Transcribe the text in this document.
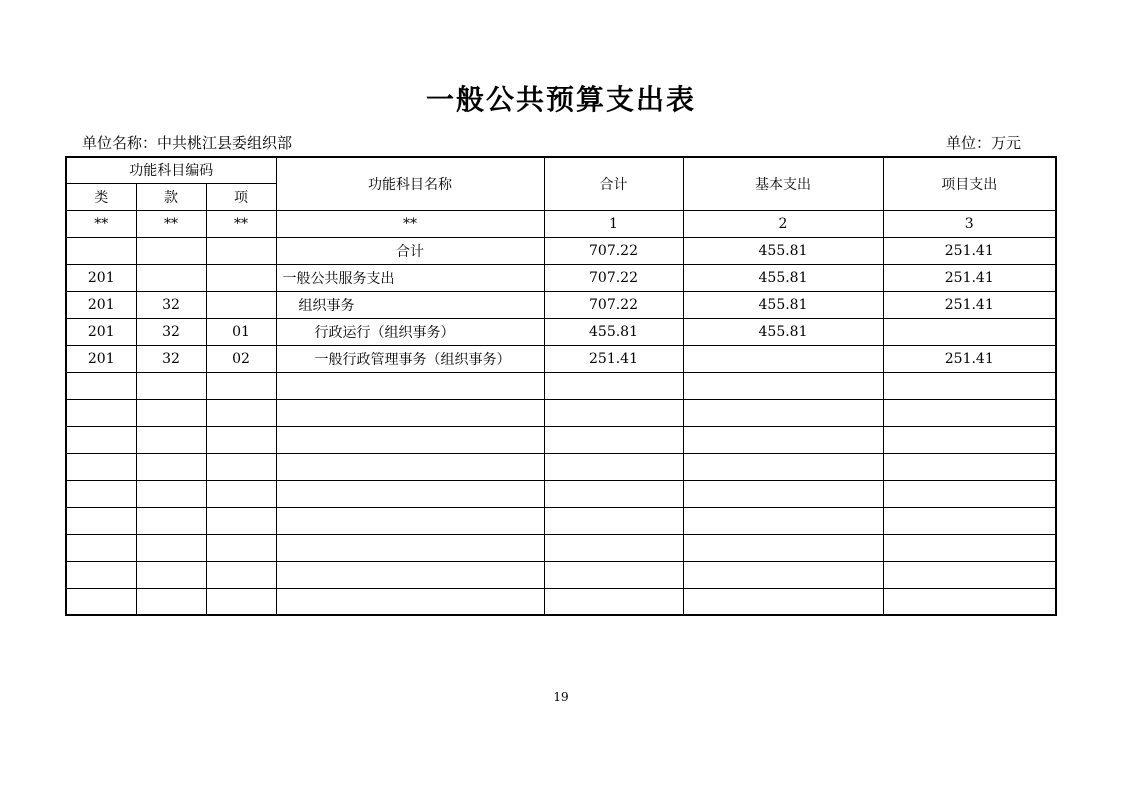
一般公共预算支出表
单位名称：中共桃江县委组织部	单位：万元
功能科目编码			功能科目名称	合计	基本支出	项目支出
类	款	项				
**	**	**	**	1	2	3
			合计	707.22	455.81	251.41
201			一般公共服务支出	707.22	455.81	251.41
201	32		组织事务	707.22	455.81	251.41
201	32	01	行政运行（组织事务）	455.81	455.81	
201	32	02	一般行政管理事务（组织事务）	251.41		251.41

19
